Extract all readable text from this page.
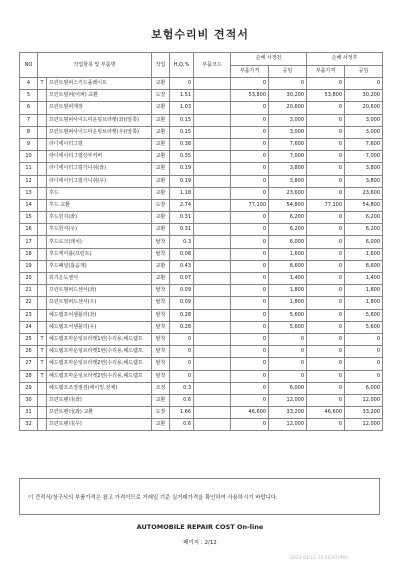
보험수리비 견적서
NO	작업항목 및 부품명		작업	H,Q,%	부품코드	손해 사정전		손해 사정후	
						부품가격	공임	부품가격	공임
4	T	프런트범퍼스키드플레이트	교환	0		0	0	0	0
5		프런트범퍼(어퍼) 교환	도장	1.51		53,800	30,200	53,800	30,200
6		프런트범퍼재장	교환	1.03		0	20,600	0	20,600
7		프런트범퍼사이드마운팅브라켓(좌)(앞쪽)	교환	0.15		0	3,000	0	3,000
8		프런트범퍼사이드마운팅브라켓(우)(앞쪽)	교환	0.15		0	3,000	0	3,000
9		라디에이터그릴	교환	0.38		0	7,600	0	7,600
10		라디에이터그릴상부커버	교환	0.35		0	7,000	0	7,000
11		라디에이터그릴가니쉬(좌)	교환	0.19		0	3,800	0	3,800
12		라디에이터그릴가니쉬(우)	교환	0.19		0	3,800	0	3,800
13		후드	교환	1.18		0	23,600	0	23,600
14		후드 교환	도장	2.74		77,100	54,800	77,100	54,800
15		후드힌지(좌)	교환	0.31		0	6,200	0	6,200
16		후드힌지(우)	교환	0.31		0	6,200	0	6,200
17		후드로크(래치)	탈착	0.3		0	6,000	0	6,000
18		후드케이블(프런트)	탈착	0.08		0	1,600	0	1,600
19		후드패널(흡음재)	교환	0.43		0	8,600	0	8,600
20		외기온도센서	교환	0.07		0	1,400	0	1,400
21		프런트범퍼드센서(좌)	탈착	0.09		0	1,800	0	1,800
22		프런트범퍼드센서(우)	탈착	0.09		0	1,800	0	1,800
23		헤드램프어셈블리(좌)	탈착	0.28		0	5,600	0	5,600
24		헤드램프어셈블리(우)	탈착	0.28		0	5,600	0	5,600
25	T	헤드램프마운팅브라켓1번(수리용,헤드램프	탈착	0		0	0	0	0
26	T	헤드램프마운팅브라켓1번(수리용,헤드램프	탈착	0		0	0	0	0
27	T	헤드램프마운팅브라켓2번(수리용,헤드램프	탈착	0		0	0	0	0
28	T	헤드램프마운팅브라켓2번(수리용,헤드램프	탈착	0		0	0	0	0
29		헤드램프조정점검(에이밍,전체)	조정	0.3		0	6,000	0	6,000
30		프런트펜더(좌)	교환	0.6		0	12,000	0	12,000
31		프런트펜더(좌) 교환	도장	1.66		46,600	33,200	46,600	33,200
32		프런트펜더(우)	교환	0.6		0	12,000	0	12,000
이 견적서/청구서의 부품가격은 참고 가격이므로 거래일 기준 실거래가격을 확인하여 사용하시기 바랍니다.
AUTOMOBILE REPAIR COST On-line
페이지 : 2/12
2023-01-11 10:50:47(PM)
